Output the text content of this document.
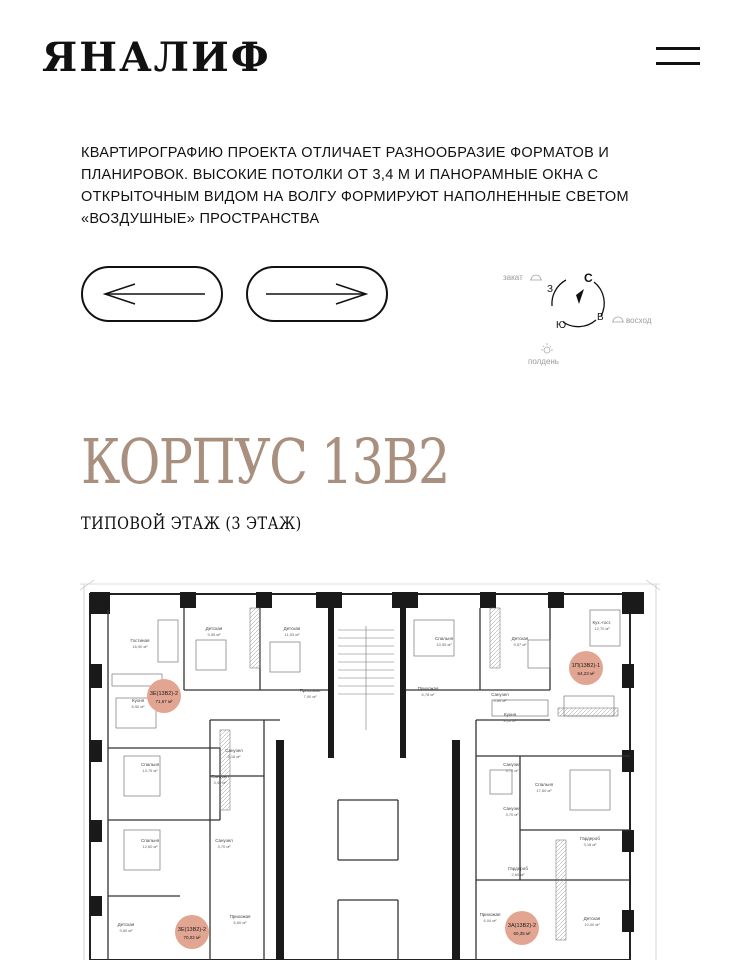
ЯНАЛИФ

КВАРТИРОГРАФИЮ ПРОЕКТА ОТЛИЧАЕТ РАЗНООБРАЗИЕ ФОРМАТОВ И ПЛАНИРОВОК. ВЫСОКИЕ ПОТОЛКИ ОТ 3,4 М И ПАНОРАМНЫЕ ОКНА С ОТКРЫТОЧНЫМ ВИДОМ НА ВОЛГУ ФОРМИРУЮТ НАПОЛНЕННЫЕ СВЕТОМ «ВОЗДУШНЫЕ» ПРОСТРАНСТВА

С
З
Ю
В
закат
восход
полдень
КОРПУС 13В2
ТИПОВОЙ ЭТАЖ (3 ЭТАЖ)
Гостиная
16,90 м²
Детская
9,55 м²
Детская
11,53 м²
Прихожая
7,90 м²
Кухня
8,50 м²
Санузел
4,16 м²
Спальня
13,75 м²
Санузел
3,45 м²
Спальня
12,60 м²
Санузел
3,70 м²
Детская
9,60 м²
Прихожая
6,60 м²
Спальня
10,55 м²
Детская
9,57 м²
Кух.-гост.
12,70 м²
Прихожая
6,78 м²	Санузел
4,60 м²
Кухня
8,00 м²
Санузел
3,72 м²
Спальня
17,60 м²
Санузел
3,70 м²
Гардероб
3,18 м²
Гардероб
2,60 м²
Прихожая
6,04 м²	Детская
10,00 м²
3Е(13В2)-2
71,67 м²
1П(13В2)-1
64,23 м²
3Е(13В2)-2
70,02 м²
3А(13В2)-2
60,35 м²
